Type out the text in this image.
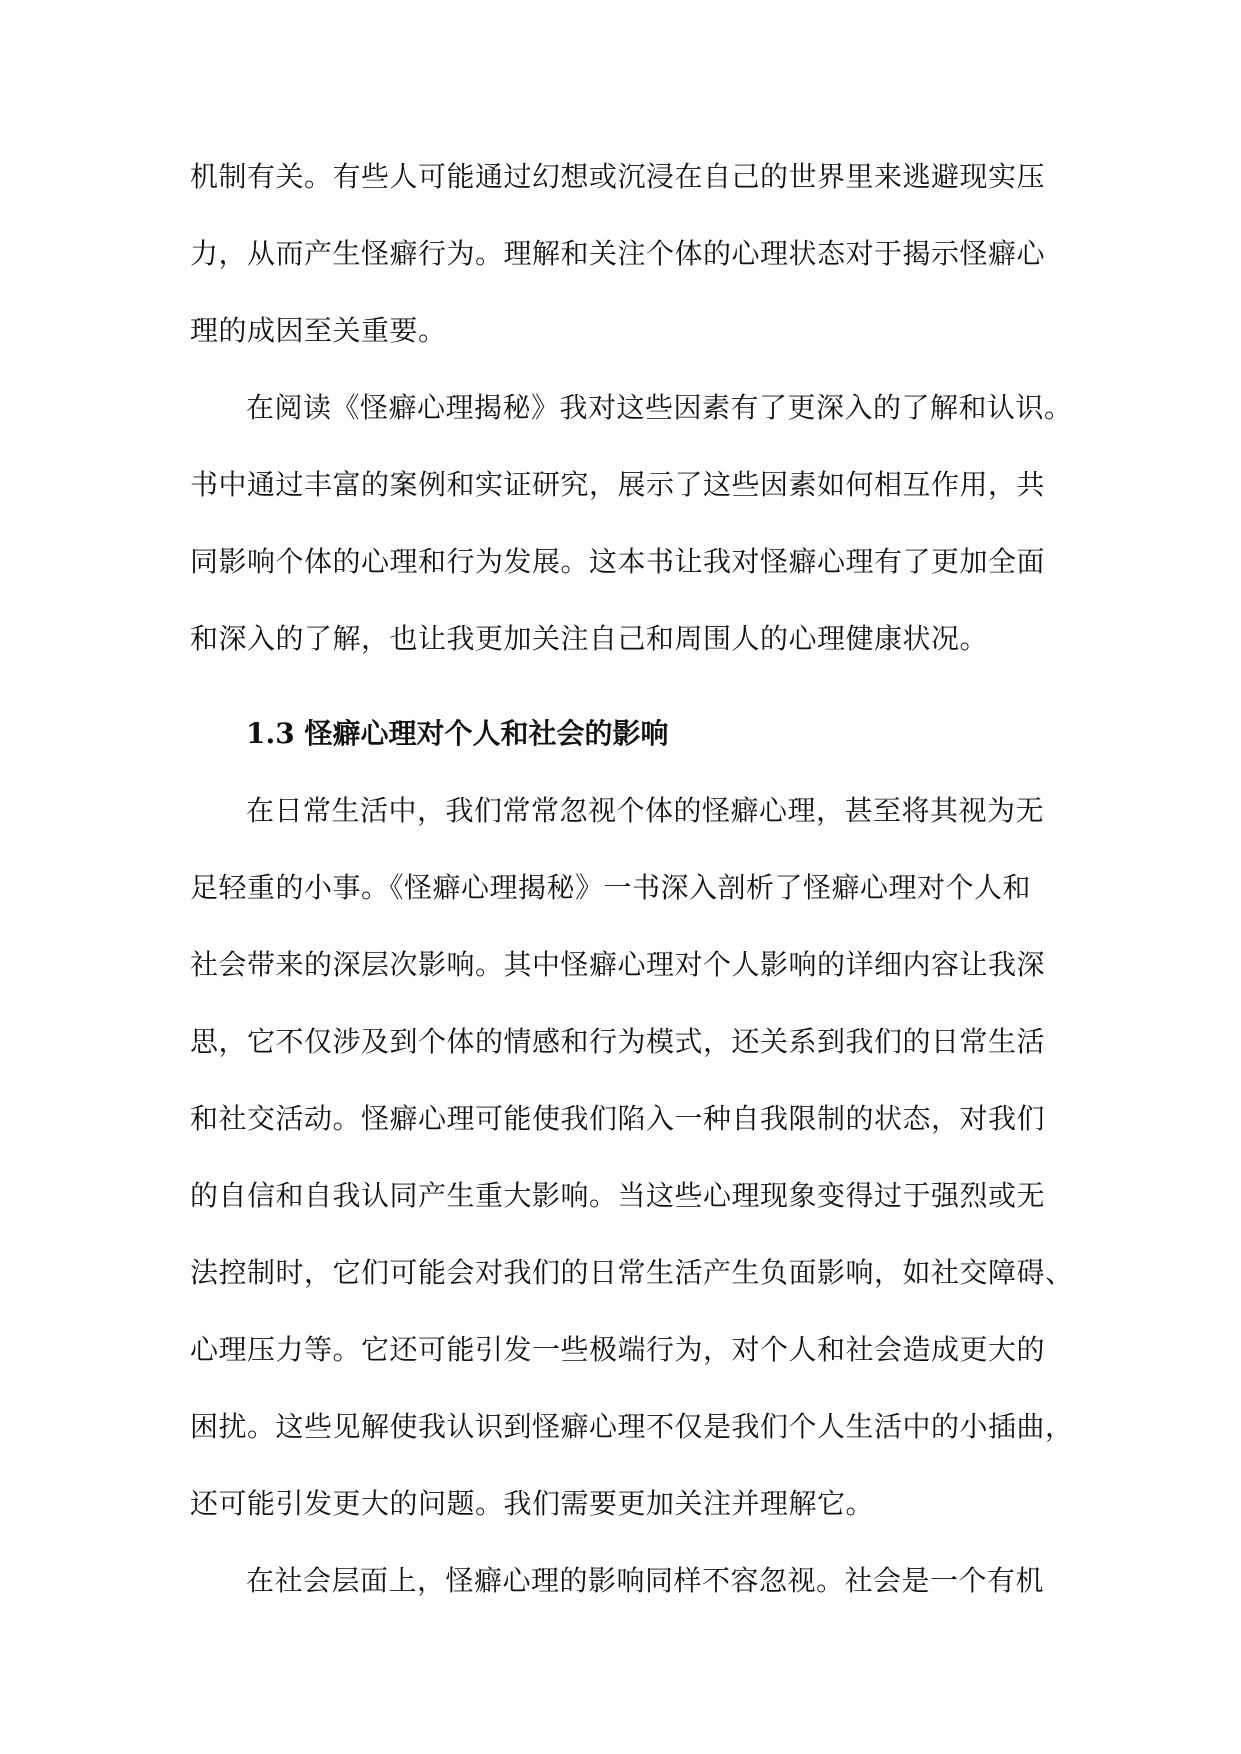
机制有关。有些人可能通过幻想或沉浸在自己的世界里来逃避现实压
力，从而产生怪癖行为。理解和关注个体的心理状态对于揭示怪癖心
理的成因至关重要。
在阅读《怪癖心理揭秘》我对这些因素有了更深入的了解和认识。
书中通过丰富的案例和实证研究，展示了这些因素如何相互作用，共
同影响个体的心理和行为发展。这本书让我对怪癖心理有了更加全面
和深入的了解，也让我更加关注自己和周围人的心理健康状况。
1.3 怪癖心理对个人和社会的影响
在日常生活中，我们常常忽视个体的怪癖心理，甚至将其视为无
足轻重的小事。《怪癖心理揭秘》一书深入剖析了怪癖心理对个人和
社会带来的深层次影响。其中怪癖心理对个人影响的详细内容让我深
思，它不仅涉及到个体的情感和行为模式，还关系到我们的日常生活
和社交活动。怪癖心理可能使我们陷入一种自我限制的状态，对我们
的自信和自我认同产生重大影响。当这些心理现象变得过于强烈或无
法控制时，它们可能会对我们的日常生活产生负面影响，如社交障碍、
心理压力等。它还可能引发一些极端行为，对个人和社会造成更大的
困扰。这些见解使我认识到怪癖心理不仅是我们个人生活中的小插曲，
还可能引发更大的问题。我们需要更加关注并理解它。
在社会层面上，怪癖心理的影响同样不容忽视。社会是一个有机
